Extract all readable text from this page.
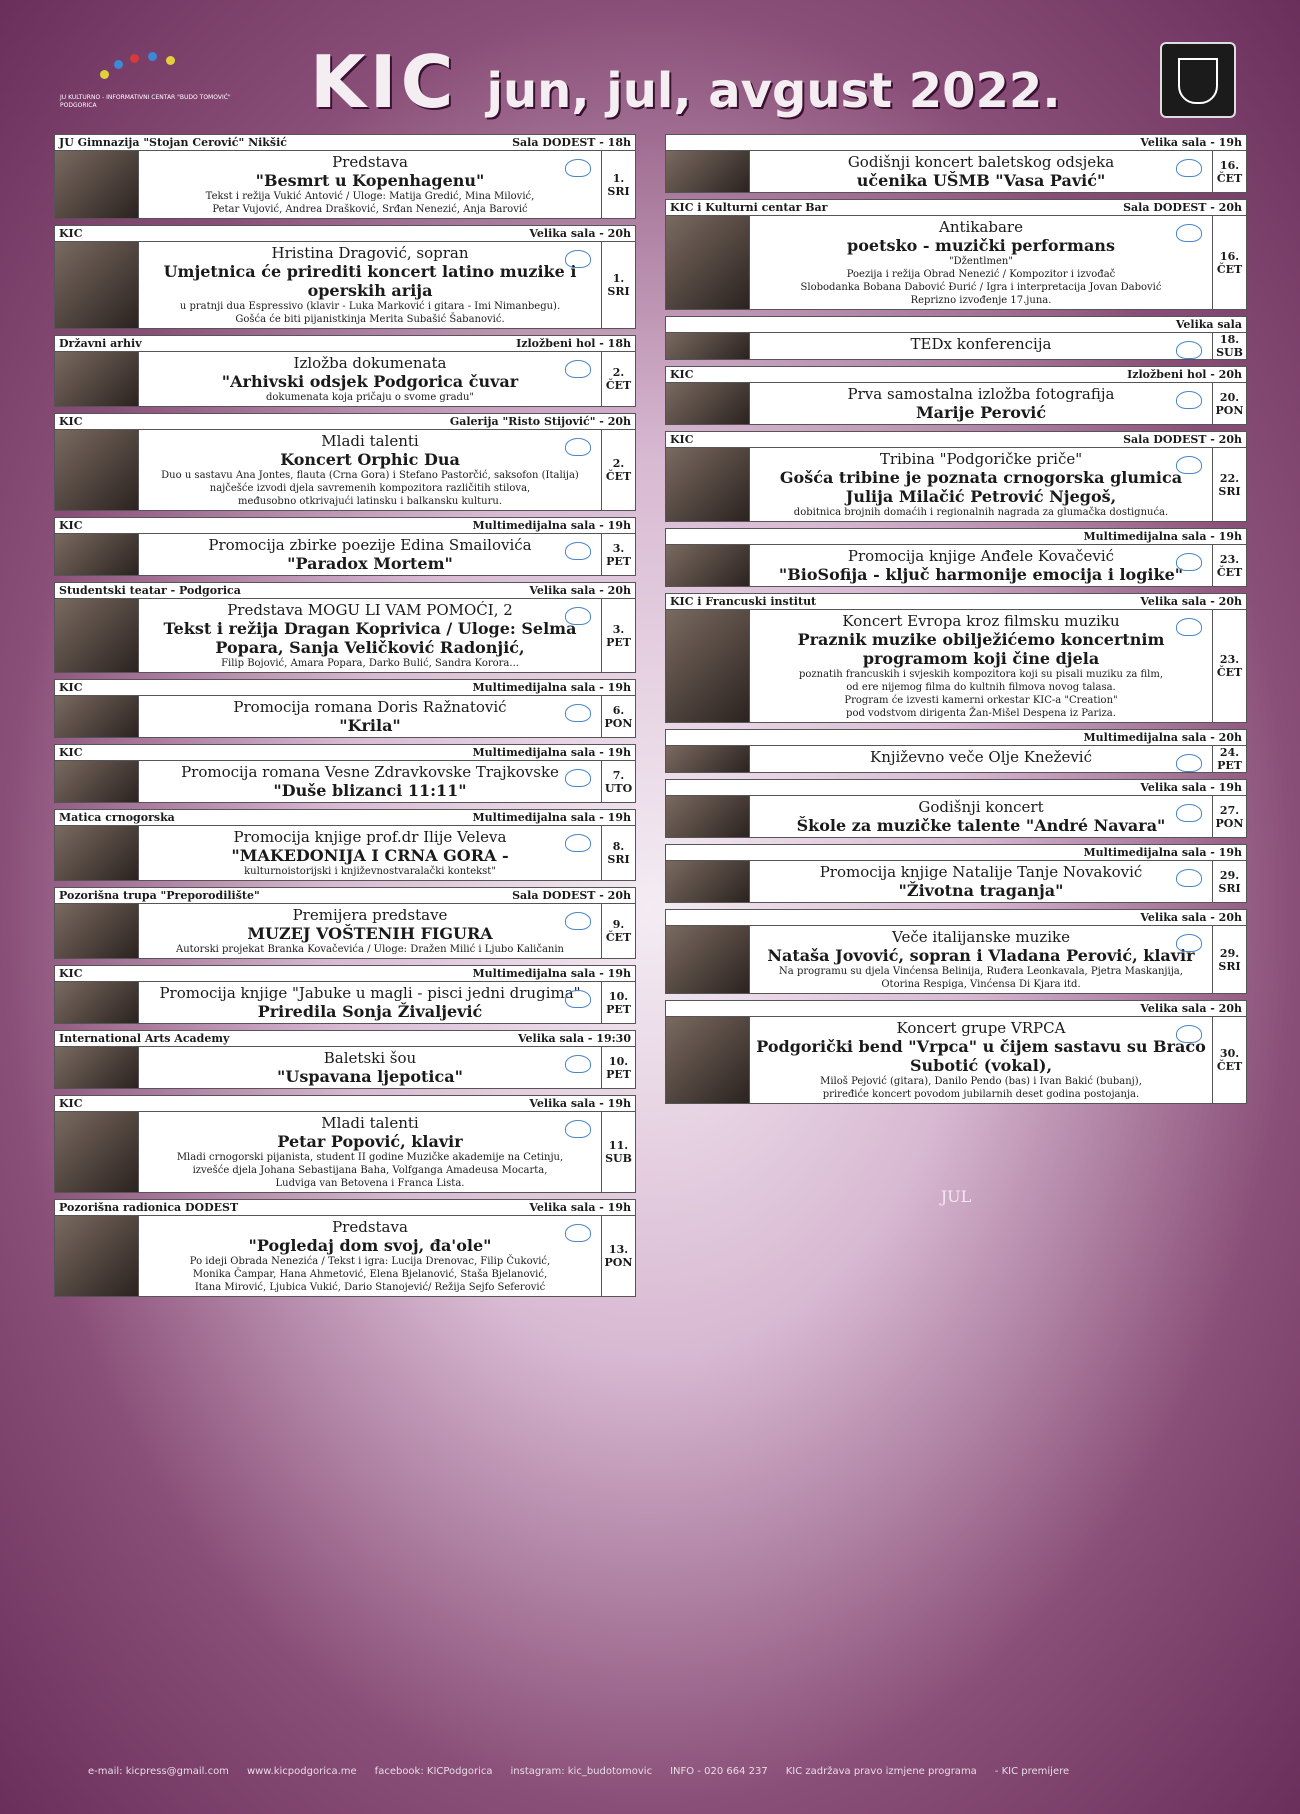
JU KULTURNO - INFORMATIVNI CENTAR "BUDO TOMOVIĆ" PODGORICA	KIC jun, jul, avgust 2022.
JU Gimnazija "Stojan Cerović" Nikšić	Sala DODEST - 18h
Predstava
"Besmrt u Kopenhagenu"
Tekst i režija Vukić Antović / Uloge: Matija Gredić, Mina Milović,
Petar Vujović, Andrea Drašković, Srđan Nenezić, Anja Barović
1.
SRI
KIC	Velika sala - 20h
Hristina Dragović, sopran
Umjetnica će prirediti koncert latino muzike i operskih arija
u pratnji dua Espressivo (klavir - Luka Marković i gitara - Imi Nimanbegu).
Gošća će biti pijanistkinja Merita Subašić Šabanović.
1.
SRI
Državni arhiv	Izložbeni hol - 18h
Izložba dokumenata
"Arhivski odsjek Podgorica čuvar
dokumenata koja pričaju o svome gradu"
2.
ČET
KIC	Galerija "Risto Stijović" - 20h
Mladi talenti
Koncert Orphic Dua
Duo u sastavu Ana Jontes, flauta (Crna Gora) i Stefano Pastorčić, saksofon (Italija)
najčešće izvodi djela savremenih kompozitora različitih stilova,
međusobno otkrivajući latinsku i balkansku kulturu.
2.
ČET
KIC	Multimedijalna sala - 19h
Promocija zbirke poezije Edina Smailovića
"Paradox Mortem"
3.
PET
Studentski teatar - Podgorica	Velika sala - 20h
Predstava MOGU LI VAM POMOĆI, 2
Tekst i režija Dragan Koprivica / Uloge: Selma Popara, Sanja Veličković Radonjić,
Filip Bojović, Amara Popara, Darko Bulić, Sandra Korora...
3.
PET
KIC	Multimedijalna sala - 19h
Promocija romana Doris Ražnatović
"Krila"
6.
PON
KIC	Multimedijalna sala - 19h
Promocija romana Vesne Zdravkovske Trajkovske
"Duše blizanci 11:11"
7.
UTO
Matica crnogorska	Multimedijalna sala - 19h
Promocija knjige prof.dr Ilije Veleva
"MAKEDONIJA I CRNA GORA -
kulturnoistorijski i književnostvaralački kontekst"
8.
SRI
Pozorišna trupa "Preporodilište"	Sala DODEST - 20h
Premijera predstave
MUZEJ VOŠTENIH FIGURA
Autorski projekat Branka Kovačevića / Uloge: Dražen Milić i Ljubo Kaličanin
9.
ČET
KIC	Multimedijalna sala - 19h
Promocija knjige "Jabuke u magli - pisci jedni drugima"
Priredila Sonja Živaljević
10.
PET
International Arts Academy	Velika sala - 19:30
Baletski šou
"Uspavana ljepotica"
10.
PET
KIC	Velika sala - 19h
Mladi talenti
Petar Popović, klavir
Mladi crnogorski pijanista, student II godine Muzičke akademije na Cetinju,
izvešće djela Johana Sebastijana Baha, Volfganga Amadeusa Mocarta,
Ludviga van Betovena i Franca Lista.
11.
SUB
Pozorišna radionica DODEST	Velika sala - 19h
Predstava
"Pogledaj dom svoj, đa'ole"
Po ideji Obrada Nenezića / Tekst i igra: Lucija Drenovac, Filip Čuković,
Monika Čampar, Hana Ahmetović, Elena Bjelanović, Staša Bjelanović,
Itana Mirović, Ljubica Vukić, Dario Stanojević/ Režija Sejfo Seferović
13.
PON
Velika sala - 19h
Godišnji koncert baletskog odsjeka
učenika UŠMB "Vasa Pavić"
16.
ČET
KIC i Kulturni centar Bar	Sala DODEST - 20h
Antikabare
poetsko - muzički performans
"Džentlmen"
Poezija i režija Obrad Nenezić / Kompozitor i izvođač
Slobodanka Bobana Dabović Đurić / Igra i interpretacija Jovan Dabović
Reprizno izvođenje 17.juna.
16.
ČET
Velika sala
TEDx konferencija	18.
SUB
KIC	Izložbeni hol - 20h
Prva samostalna izložba fotografija
Marije Perović
20.
PON
KIC	Sala DODEST - 20h
Tribina "Podgoričke priče"
Gošća tribine je poznata crnogorska glumica Julija Milačić Petrović Njegoš,
dobitnica brojnih domaćih i regionalnih nagrada za glumačka dostignuća.
22.
SRI
Multimedijalna sala - 19h
Promocija knjige Anđele Kovačević
"BioSofija - ključ harmonije emocija i logike"
23.
ČET
KIC i Francuski institut	Velika sala - 20h
Koncert Evropa kroz filmsku muziku
Praznik muzike obilježićemo koncertnim programom koji čine djela
poznatih francuskih i svjeskih kompozitora koji su pisali muziku za film,
od ere nijemog filma do kultnih filmova novog talasa.
Program će izvesti kamerni orkestar KIC-a "Creation"
pod vodstvom dirigenta Žan-Mišel Despena iz Pariza.
23.
ČET
Multimedijalna sala - 20h
Književno veče Olje Knežević	24.
PET
Velika sala - 19h
Godišnji koncert
Škole za muzičke talente "André Navara"
27.
PON
Multimedijalna sala - 19h
Promocija knjige Natalije Tanje Novaković
"Životna traganja"
29.
SRI
Velika sala - 20h
Veče italijanske muzike
Nataša Jovović, sopran i Vladana Perović, klavir
Na programu su djela Vinćensa Belinija, Ruđera Leonkavala, Pjetra Maskanjija,
Otorina Respiga, Vinćensa Di Kjara itd.
29.
SRI
Velika sala - 20h
Koncert grupe VRPCA
Podgorički bend "Vrpca" u čijem sastavu su Braco Subotić (vokal),
Miloš Pejović (gitara), Danilo Pendo (bas) i Ivan Bakić (bubanj),
priređiće koncert povodom jubilarnih deset godina postojanja.
30.
ČET
JUL
e-mail: kicpress@gmail.com www.kicpodgorica.me facebook: KICPodgorica instagram: kic_budotomovic INFO - 020 664 237 KIC zadržava pravo izmjene programa - KIC premijere
